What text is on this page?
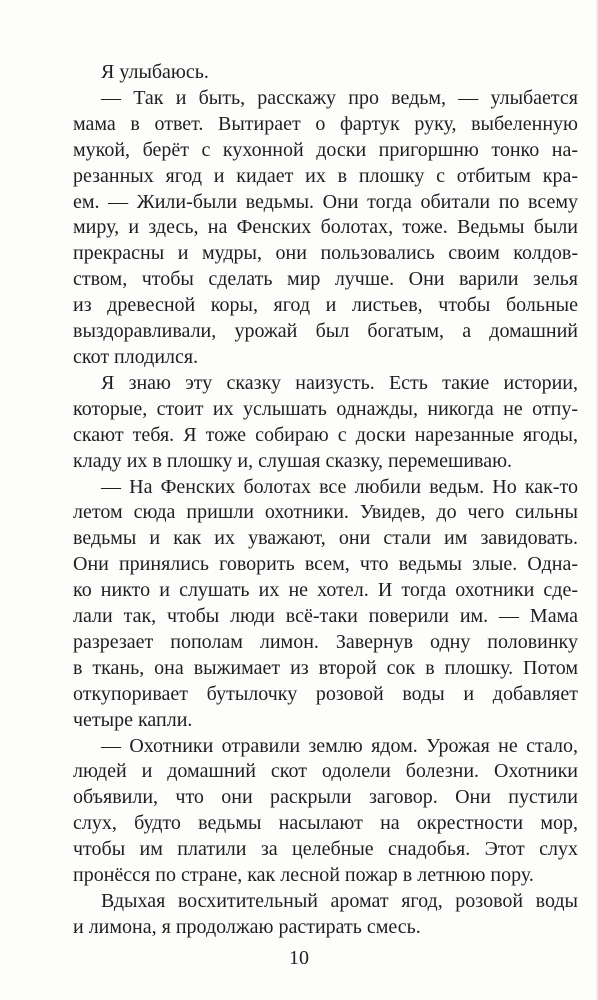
Я улыбаюсь.

— Так и быть, расскажу про ведьм, — улыбается
мама в ответ. Вытирает о фартук руку, выбеленную
мукой, берёт с кухонной доски пригоршню тонко на-
резанных ягод и кидает их в плошку с отбитым кра-
ем. — Жили-были ведьмы. Они тогда обитали по всему
миру, и здесь, на Фенских болотах, тоже. Ведьмы были
прекрасны и мудры, они пользовались своим колдов-
ством, чтобы сделать мир лучше. Они варили зелья
из древесной коры, ягод и листьев, чтобы больные
выздоравливали, урожай был богатым, а домашний
скот плодился.

Я знаю эту сказку наизусть. Есть такие истории,
которые, стоит их услышать однажды, никогда не отпу-
скают тебя. Я тоже собираю с доски нарезанные ягоды,
кладу их в плошку и, слушая сказку, перемешиваю.

— На Фенских болотах все любили ведьм. Но как-то
летом сюда пришли охотники. Увидев, до чего сильны
ведьмы и как их уважают, они стали им завидовать.
Они принялись говорить всем, что ведьмы злые. Одна-
ко никто и слушать их не хотел. И тогда охотники сде-
лали так, чтобы люди всё-таки поверили им. — Мама
разрезает пополам лимон. Завернув одну половинку
в ткань, она выжимает из второй сок в плошку. Потом
откупоривает бутылочку розовой воды и добавляет
четыре капли.

— Охотники отравили землю ядом. Урожая не стало,
людей и домашний скот одолели болезни. Охотники
объявили, что они раскрыли заговор. Они пустили
слух, будто ведьмы насылают на окрестности мор,
чтобы им платили за целебные снадобья. Этот слух
пронёсся по стране, как лесной пожар в летнюю пору.

Вдыхая восхитительный аромат ягод, розовой воды
и лимона, я продолжаю растирать смесь.

10
